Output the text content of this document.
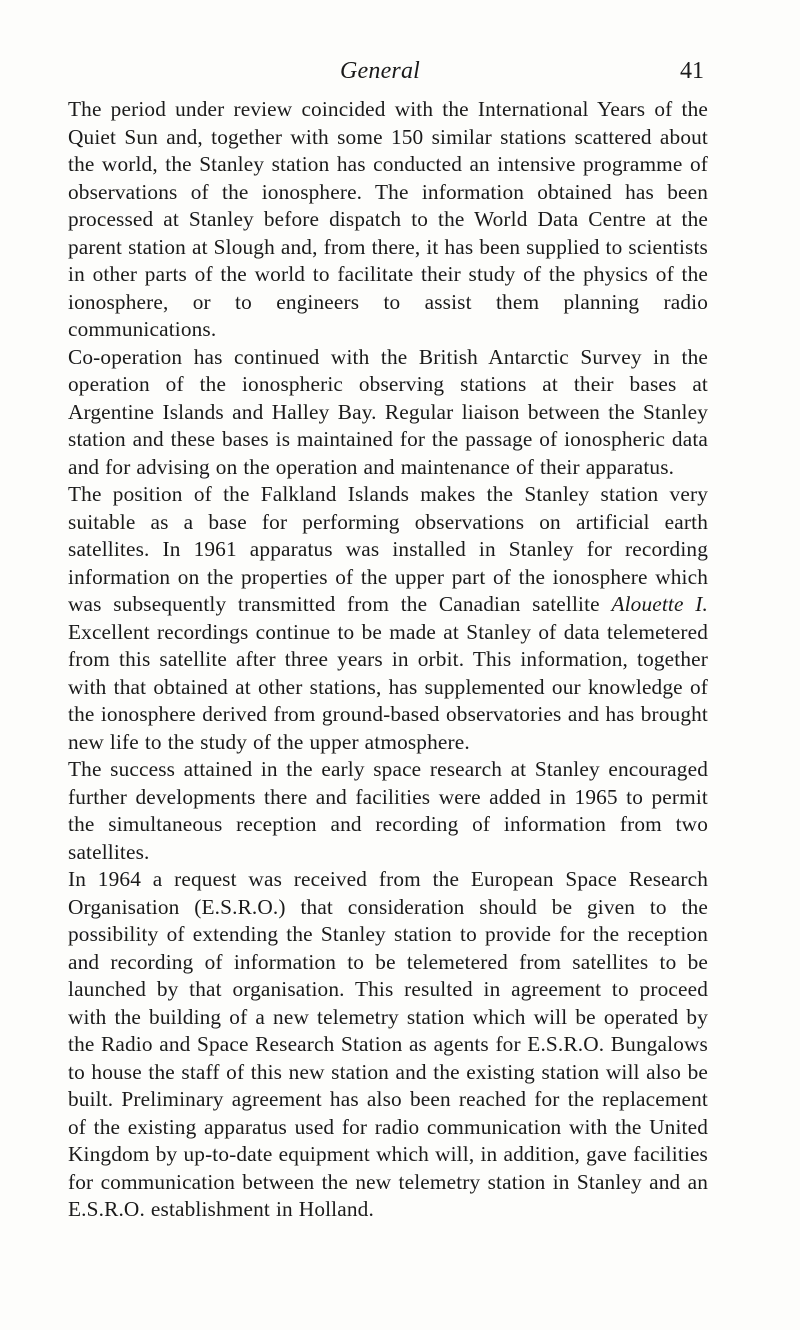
General	41

The period under review coincided with the International Years of the Quiet Sun and, together with some 150 similar stations scattered about the world, the Stanley station has conducted an intensive programme of observations of the ionosphere. The information obtained has been processed at Stanley before dispatch to the World Data Centre at the parent station at Slough and, from there, it has been supplied to scientists in other parts of the world to facilitate their study of the physics of the ionosphere, or to engineers to assist them planning radio communications.

Co-operation has continued with the British Antarctic Survey in the operation of the ionospheric observing stations at their bases at Argentine Islands and Halley Bay. Regular liaison between the Stanley station and these bases is maintained for the passage of ionospheric data and for advising on the operation and maintenance of their apparatus.

The position of the Falkland Islands makes the Stanley station very suitable as a base for performing observations on artificial earth satellites. In 1961 apparatus was installed in Stanley for recording information on the properties of the upper part of the ionosphere which was subsequently transmitted from the Canadian satellite Alouette I. Excellent recordings continue to be made at Stanley of data telemetered from this satellite after three years in orbit. This information, together with that obtained at other stations, has supplemented our knowledge of the ionosphere derived from ground-based observatories and has brought new life to the study of the upper atmosphere.

The success attained in the early space research at Stanley encouraged further developments there and facilities were added in 1965 to permit the simultaneous reception and recording of information from two satellites.

In 1964 a request was received from the European Space Research Organisation (E.S.R.O.) that consideration should be given to the possibility of extending the Stanley station to provide for the reception and recording of information to be telemetered from satellites to be launched by that organisation. This resulted in agreement to proceed with the building of a new telemetry station which will be operated by the Radio and Space Research Station as agents for E.S.R.O. Bungalows to house the staff of this new station and the existing station will also be built. Preliminary agreement has also been reached for the replacement of the existing apparatus used for radio communication with the United Kingdom by up-to-date equipment which will, in addition, gave facilities for communication between the new telemetry station in Stanley and an E.S.R.O. establishment in Holland.
